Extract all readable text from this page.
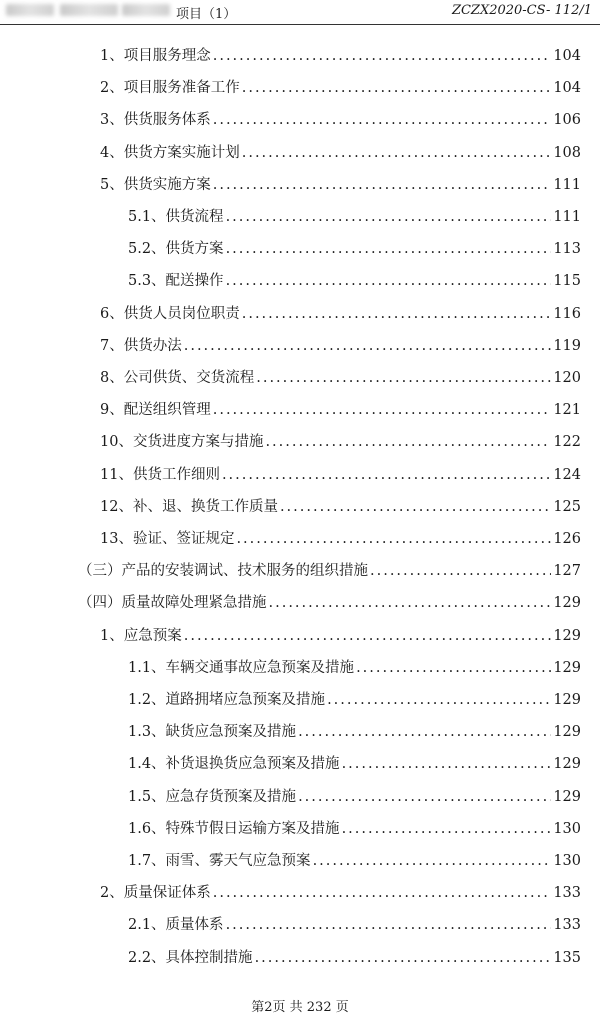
项目（1）	ZCZX2020-CS- 112/1
1、项目服务理念 .....	104
2、项目服务准备工作 .....	104
3、供货服务体系 .....	106
4、供货方案实施计划 .....	108
5、供货实施方案 .....	111
5.1、供货流程 .....	111
5.2、供货方案 .....	113
5.3、配送操作 .....	115
6、供货人员岗位职责 .....	116
7、供货办法 .....	119
8、公司供货、交货流程 .....	120
9、配送组织管理 .....	121
10、交货进度方案与措施 .....	122
11、供货工作细则 .....	124
12、补、退、换货工作质量 .....	125
13、验证、签证规定 .....	126
（三）产品的安装调试、技术服务的组织措施 .....	127
（四）质量故障处理紧急措施 .....	129
1、应急预案 .....	129
1.1、车辆交通事故应急预案及措施 .....	129
1.2、道路拥堵应急预案及措施 .....	129
1.3、缺货应急预案及措施 .....	129
1.4、补货退换货应急预案及措施 .....	129
1.5、应急存货预案及措施 .....	129
1.6、特殊节假日运输方案及措施 .....	130
1.7、雨雪、雾天气应急预案 .....	130
2、质量保证体系 .....	133
2.1、质量体系 .....	133
2.2、具体控制措施 .....	135
第2页 共 232 页
